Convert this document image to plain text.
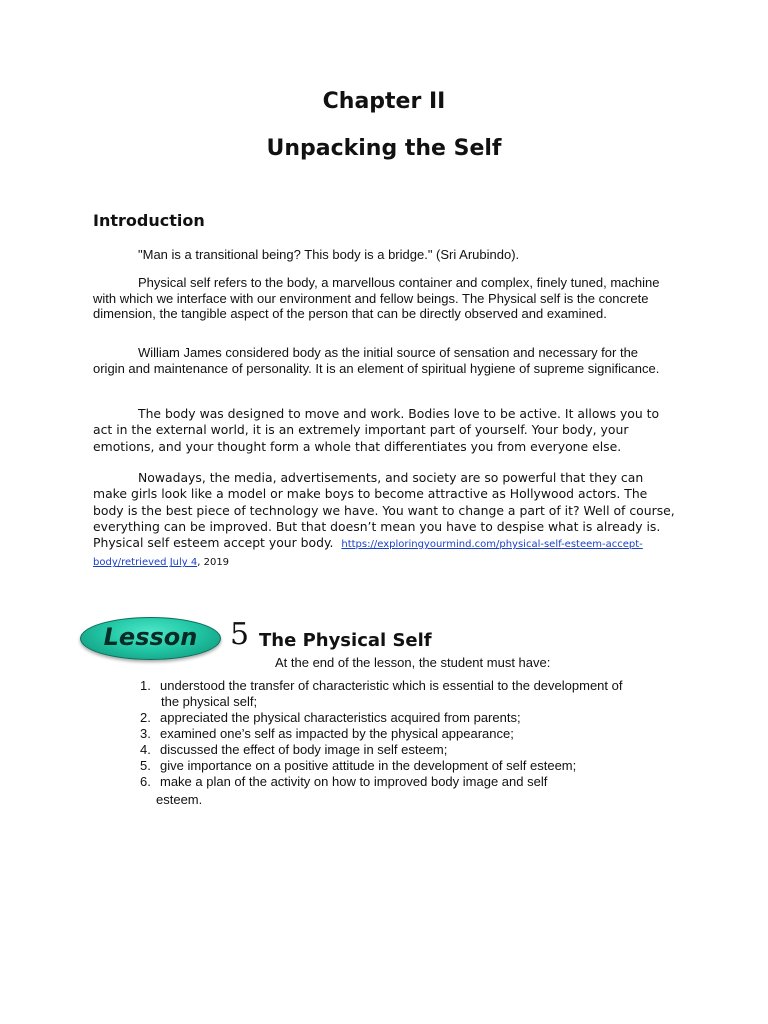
Chapter II
Unpacking the Self
Introduction
"Man is a transitional being? This body is a bridge." (Sri Arubindo).

Physical self refers to the body, a marvellous container and complex, finely tuned, machine with which we interface with our environment and fellow beings. The Physical self is the concrete dimension, the tangible aspect of the person that can be directly observed and examined.

William James considered body as the initial source of sensation and necessary for the origin and maintenance of personality. It is an element of spiritual hygiene of supreme significance.

The body was designed to move and work. Bodies love to be active. It allows you to act in the external world, it is an extremely important part of yourself. Your body, your emotions, and your thought form a whole that differentiates you from everyone else.

Nowadays, the media, advertisements, and society are so powerful that they can make girls look like a model or make boys to become attractive as Hollywood actors. The body is the best piece of technology we have. You want to change a part of it? Well of course, everything can be improved. But that doesn’t mean you have to despise what is already is. Physical self esteem accept your body. https://exploringyourmind.com/physical-self-esteem-accept-body/retrieved July 4, 2019

Lesson	5 The Physical Self
At the end of the lesson, the student must have:
1. understood the transfer of characteristic which is essential to the development of
the physical self;
2. appreciated the physical characteristics acquired from parents;
3. examined one’s self as impacted by the physical appearance;
4. discussed the effect of body image in self esteem;
5. give importance on a positive attitude in the development of self esteem;
6. make a plan of the activity on how to improved body image and self
esteem.
